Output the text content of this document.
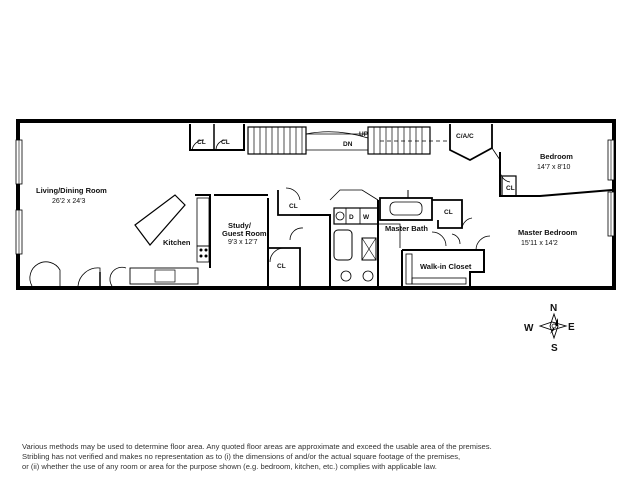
Living/Dining Room
26'2 x 24'3
Kitchen
Study/
Guest Room
9'3 x 12'7
Bedroom
14'7 x 8'10
Master Bedroom
15'11 x 14'2
Master Bath
Walk-in Closet
CL CL
C/A/C
UP
DN
CL
CL
CL
CL
D W
N
S
E
W
Various methods may be used to determine floor area. Any quoted floor areas are approximate and exceed the usable area of the premises.
Stribling has not verified and makes no representation as to (i) the dimensions of and/or the actual square footage of the premises,
or (ii) whether the use of any room or area for the purpose shown (e.g. bedroom, kitchen, etc.) complies with applicable law.
